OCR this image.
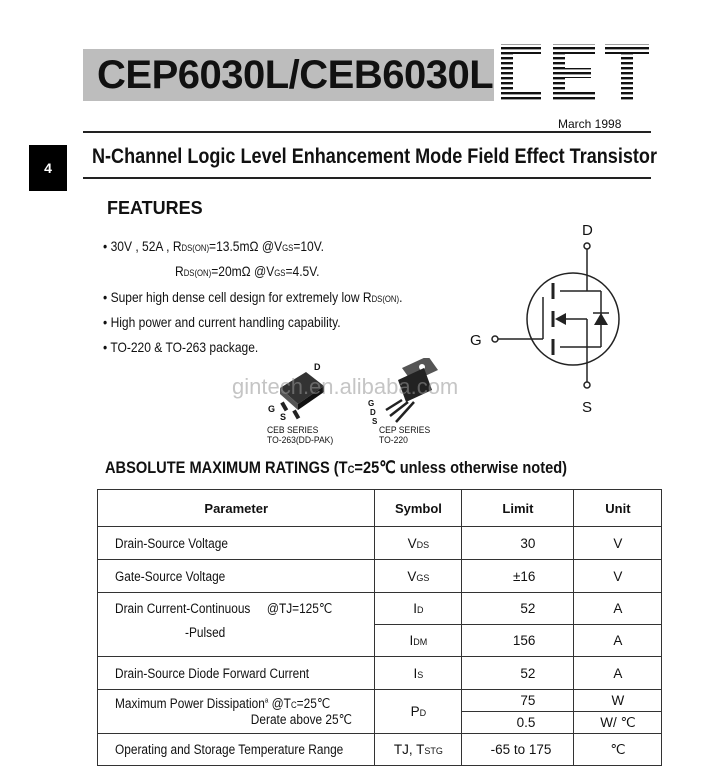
CEP6030L/CEB6030L
CET
March 1998
4 N-Channel Logic Level Enhancement Mode Field Effect Transistor
FEATURES
• 30V , 52A , RDS(ON)=13.5mΩ @VGS=10V.
RDS(ON)=20mΩ @VGS=4.5V.
• Super high dense cell design for extremely low RDS(ON).
• High power and current handling capability.
• TO-220 & TO-263 package.
D
G
S
D
G
S
G
D
S
CEB SERIES
TO-263(DD-PAK)
CEP SERIES
TO-220
gintech.en.alibaba.com
ABSOLUTE MAXIMUM RATINGS (TC=25℃ unless otherwise noted)
Parameter	Symbol	Limit	Unit
Drain-Source Voltage	VDS	30	V
Gate-Source Voltage	VGS	±16	V

Drain Current-Continuous @TJ=125℃
-Pulsed	ID	52	A
	IDM	156	A
Drain-Source Diode Forward Current	IS	52	A

Maximum Power Dissipation$^a$ @TC=25℃
Derate above 25℃	PD	75	W
		0.5	W/ ℃
Operating and Storage Temperature Range	TJ, TSTG	-65 to 175	℃
